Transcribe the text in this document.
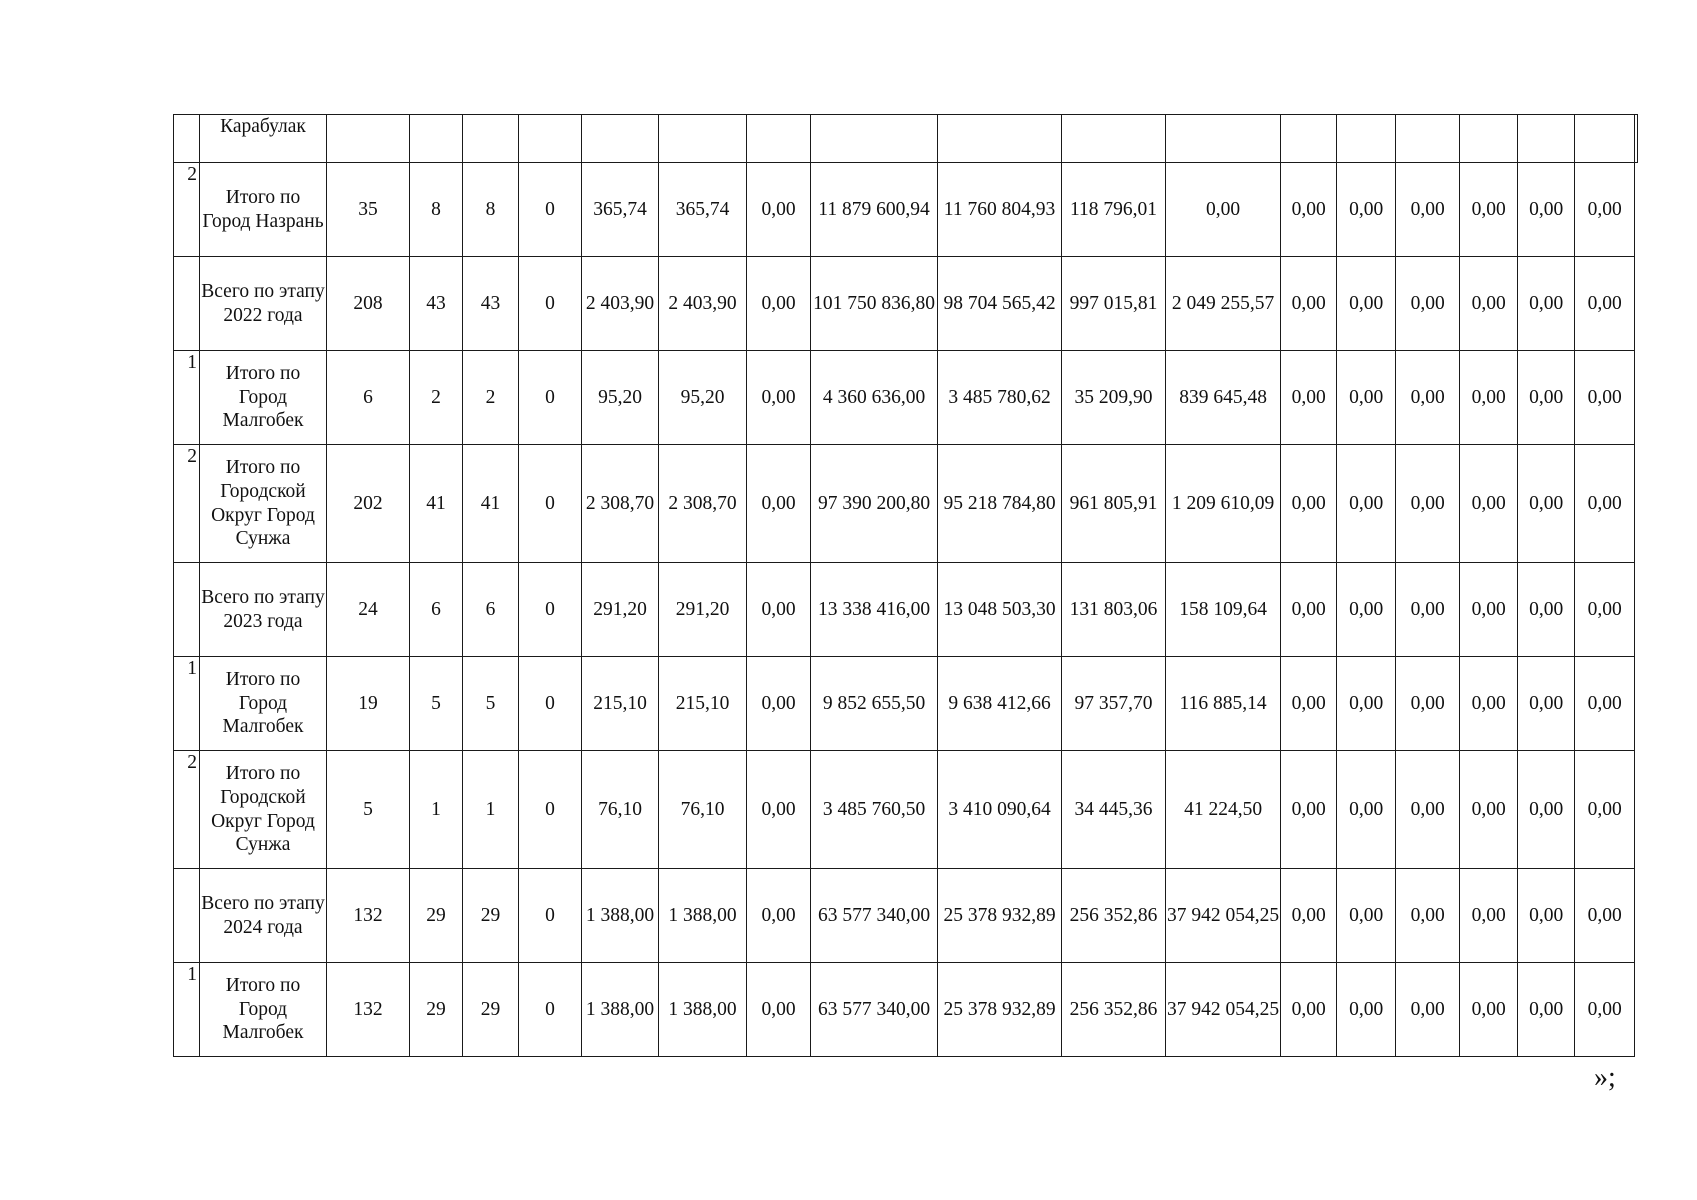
	Карабулак																		
2	Итого по Город Назрань	35	8	8	0	365,74	365,74	0,00	11 879 600,94	11 760 804,93	118 796,01	0,00	0,00	0,00	0,00	0,00	0,00	0,00	
	Всего по этапу 2022 года	208	43	43	0	2 403,90	2 403,90	0,00	101 750 836,80	98 704 565,42	997 015,81	2 049 255,57	0,00	0,00	0,00	0,00	0,00	0,00	
1	Итого по Город Малгобек	6	2	2	0	95,20	95,20	0,00	4 360 636,00	3 485 780,62	35 209,90	839 645,48	0,00	0,00	0,00	0,00	0,00	0,00	
2	Итого по Городской Округ Город Сунжа	202	41	41	0	2 308,70	2 308,70	0,00	97 390 200,80	95 218 784,80	961 805,91	1 209 610,09	0,00	0,00	0,00	0,00	0,00	0,00	
	Всего по этапу 2023 года	24	6	6	0	291,20	291,20	0,00	13 338 416,00	13 048 503,30	131 803,06	158 109,64	0,00	0,00	0,00	0,00	0,00	0,00	
1	Итого по Город Малгобек	19	5	5	0	215,10	215,10	0,00	9 852 655,50	9 638 412,66	97 357,70	116 885,14	0,00	0,00	0,00	0,00	0,00	0,00	
2	Итого по Городской Округ Город Сунжа	5	1	1	0	76,10	76,10	0,00	3 485 760,50	3 410 090,64	34 445,36	41 224,50	0,00	0,00	0,00	0,00	0,00	0,00	
	Всего по этапу 2024 года	132	29	29	0	1 388,00	1 388,00	0,00	63 577 340,00	25 378 932,89	256 352,86	37 942 054,25	0,00	0,00	0,00	0,00	0,00	0,00	
1	Итого по Город Малгобек	132	29	29	0	1 388,00	1 388,00	0,00	63 577 340,00	25 378 932,89	256 352,86	37 942 054,25	0,00	0,00	0,00	0,00	0,00	0,00	
»;
